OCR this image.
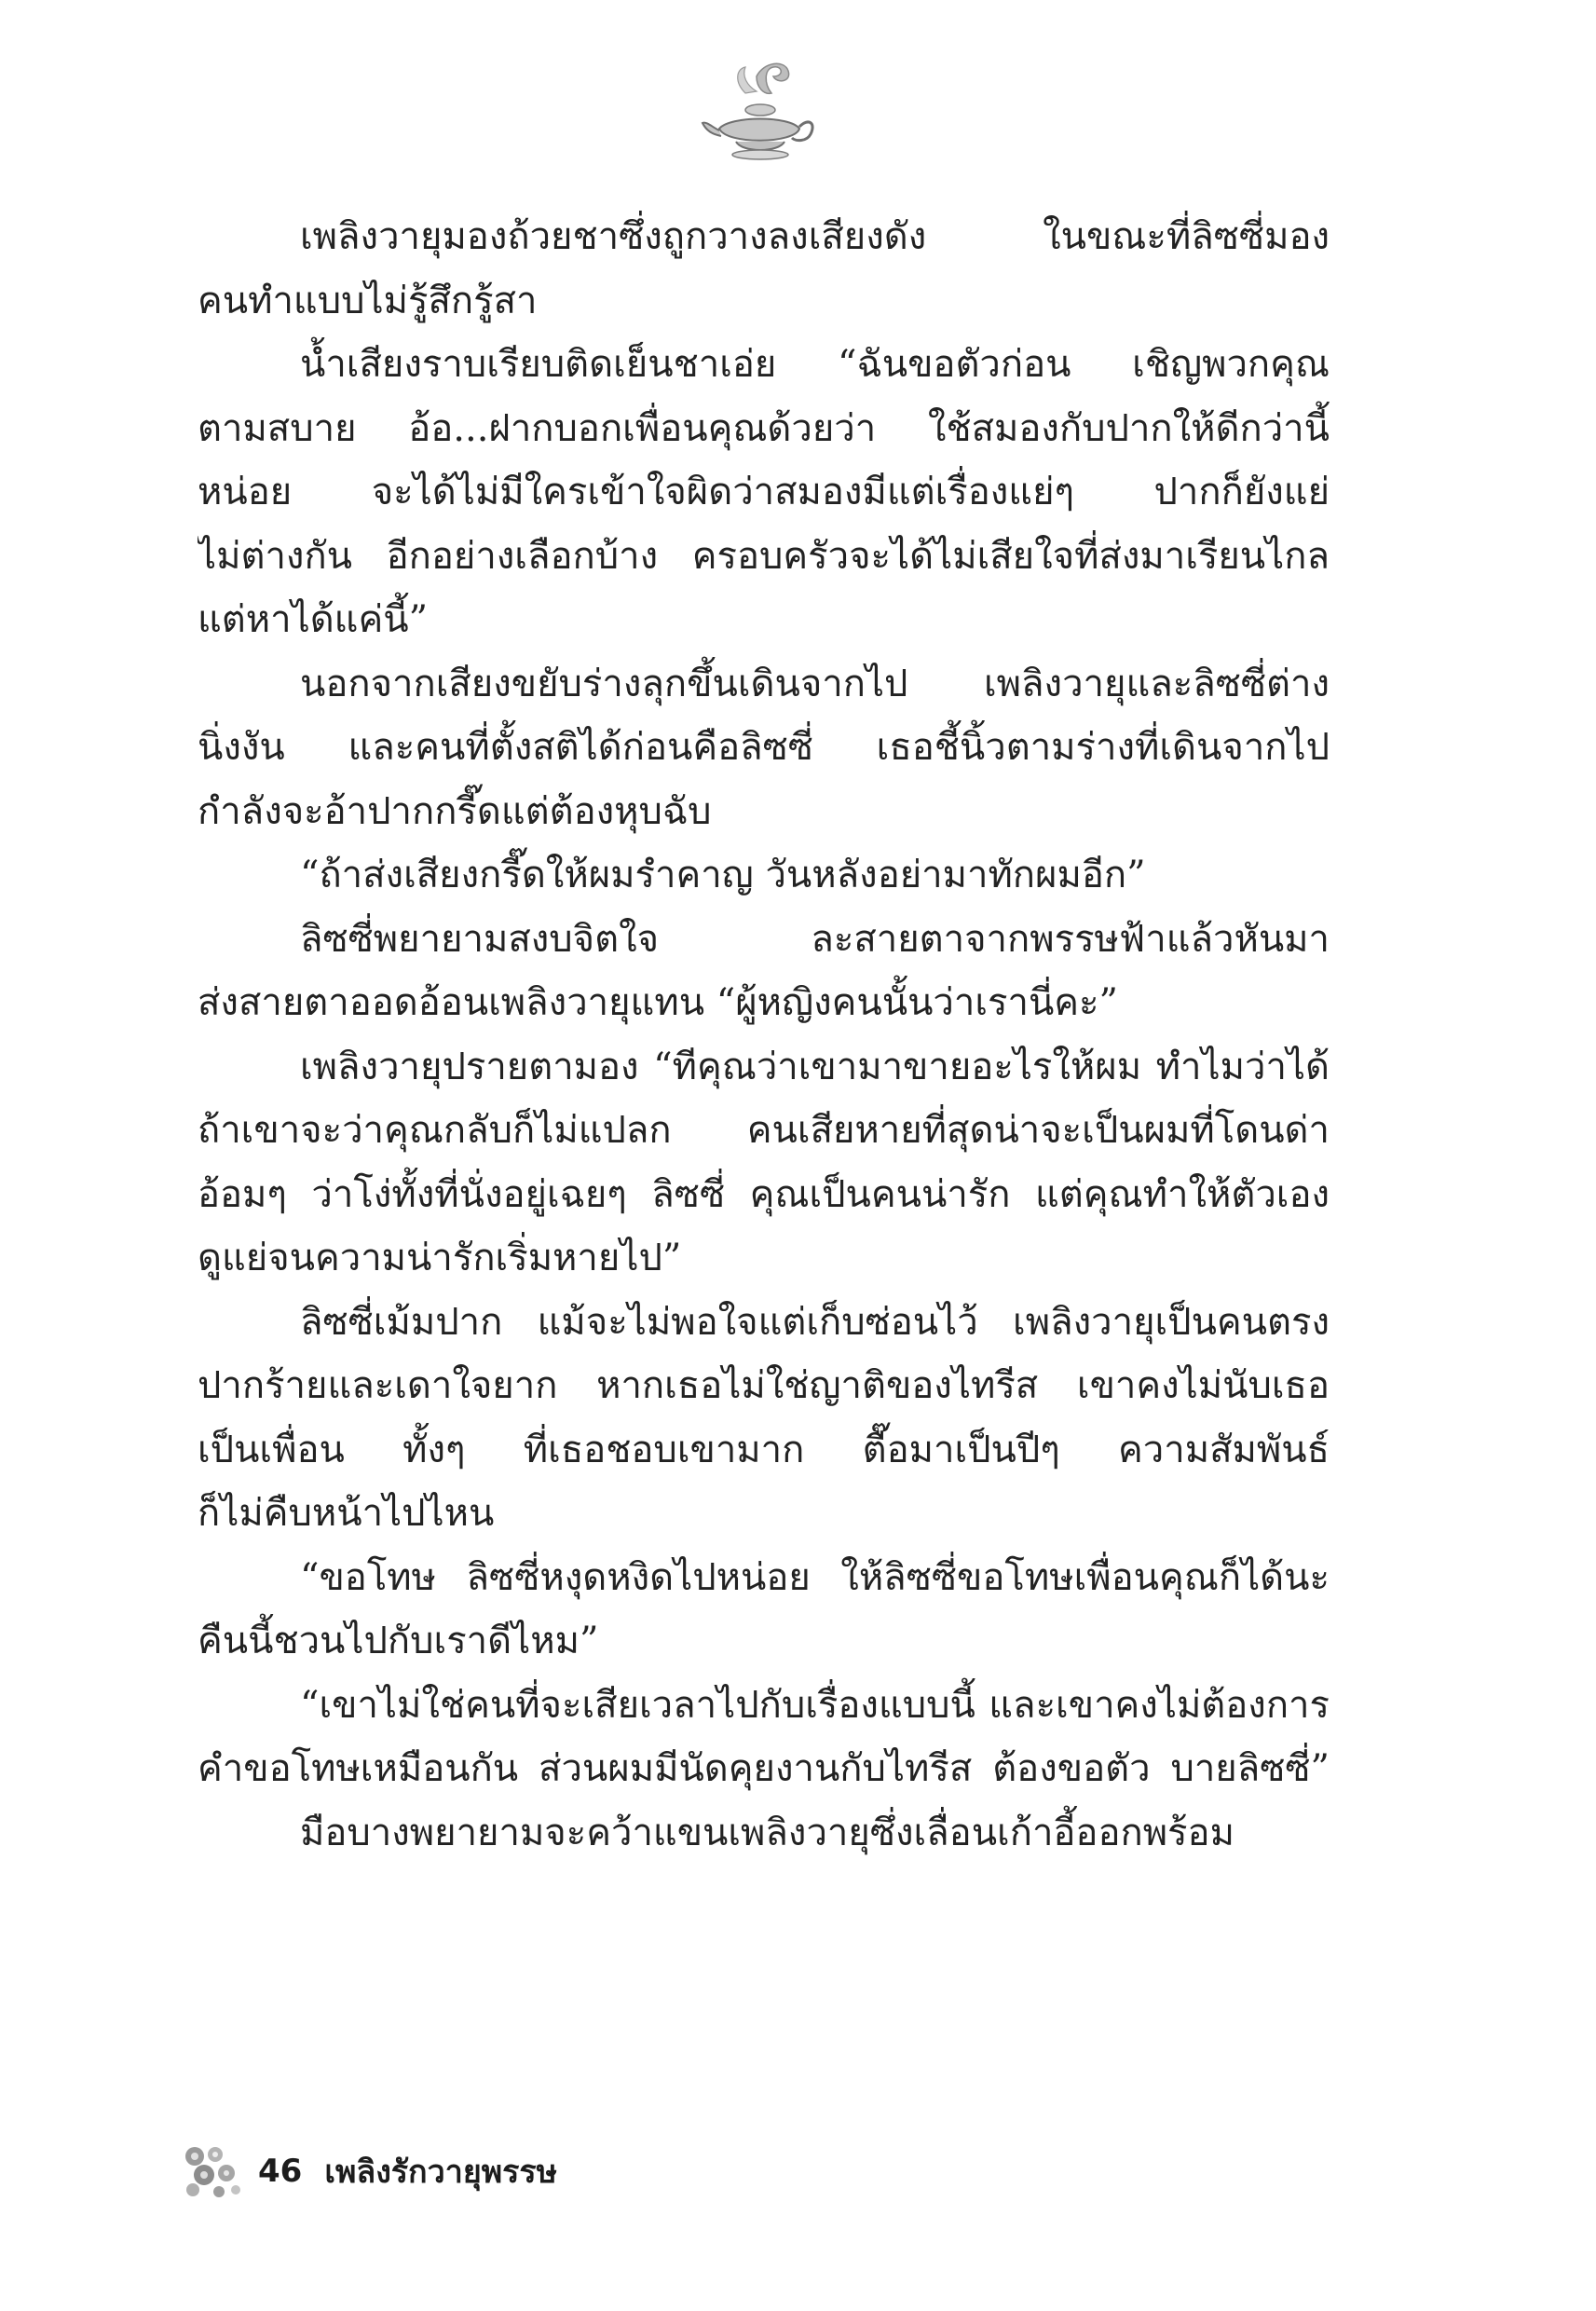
เพลิงวายุมองถ้วยชาซึ่งถูกวางลงเสียงดัง ในขณะที่ลิซซี่มอง
คนทำแบบไม่รู้สึกรู้สา

น้ำเสียงราบเรียบติดเย็นชาเอ่ย “ฉันขอตัวก่อน เชิญพวกคุณ
ตามสบาย อ้อ...ฝากบอกเพื่อนคุณด้วยว่า ใช้สมองกับปากให้ดีกว่านี้
หน่อย จะได้ไม่มีใครเข้าใจผิดว่าสมองมีแต่เรื่องแย่ๆ ปากก็ยังแย่
ไม่ต่างกัน อีกอย่างเลือกบ้าง ครอบครัวจะได้ไม่เสียใจที่ส่งมาเรียนไกล
แต่หาได้แค่นี้”

นอกจากเสียงขยับร่างลุกขึ้นเดินจากไป เพลิงวายุและลิซซี่ต่าง
นิ่งงัน และคนที่ตั้งสติได้ก่อนคือลิซซี่ เธอชี้นิ้วตามร่างที่เดินจากไป
กำลังจะอ้าปากกรี๊ดแต่ต้องหุบฉับ

“ถ้าส่งเสียงกรี๊ดให้ผมรำคาญ วันหลังอย่ามาทักผมอีก”

ลิซซี่พยายามสงบจิตใจ ละสายตาจากพรรษฟ้าแล้วหันมา
ส่งสายตาออดอ้อนเพลิงวายุแทน “ผู้หญิงคนนั้นว่าเรานี่คะ”

เพลิงวายุปรายตามอง “ทีคุณว่าเขามาขายอะไรให้ผม ทำไมว่าได้
ถ้าเขาจะว่าคุณกลับก็ไม่แปลก คนเสียหายที่สุดน่าจะเป็นผมที่โดนด่า
อ้อมๆ ว่าโง่ทั้งที่นั่งอยู่เฉยๆ ลิซซี่ คุณเป็นคนน่ารัก แต่คุณทำให้ตัวเอง
ดูแย่จนความน่ารักเริ่มหายไป”

ลิซซี่เม้มปาก แม้จะไม่พอใจแต่เก็บซ่อนไว้ เพลิงวายุเป็นคนตรง
ปากร้ายและเดาใจยาก หากเธอไม่ใช่ญาติของไทรีส เขาคงไม่นับเธอ
เป็นเพื่อน ทั้งๆ ที่เธอชอบเขามาก ตื๊อมาเป็นปีๆ ความสัมพันธ์
ก็ไม่คืบหน้าไปไหน

“ขอโทษ ลิซซี่หงุดหงิดไปหน่อย ให้ลิซซี่ขอโทษเพื่อนคุณก็ได้นะ
คืนนี้ชวนไปกับเราดีไหม”

“เขาไม่ใช่คนที่จะเสียเวลาไปกับเรื่องแบบนี้ และเขาคงไม่ต้องการ
คำขอโทษเหมือนกัน ส่วนผมมีนัดคุยงานกับไทรีส ต้องขอตัว บายลิซซี่”

มือบางพยายามจะคว้าแขนเพลิงวายุซึ่งเลื่อนเก้าอี้ออกพร้อม

46 เพลิงรักวายุพรรษ
